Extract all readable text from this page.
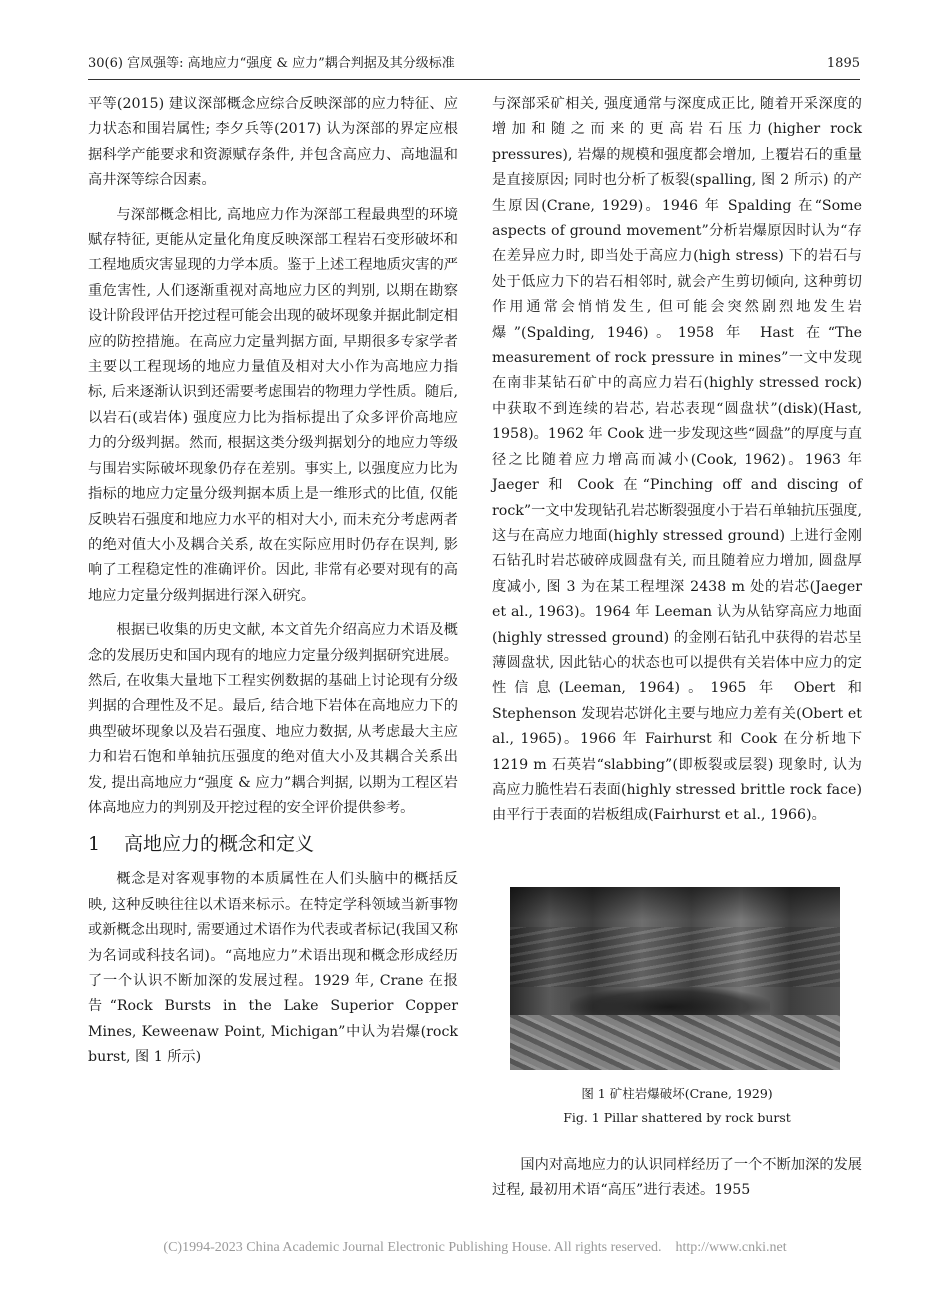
30(6) 宫凤强等: 高地应力“强度 & 应力”耦合判据及其分级标准	1895

平等(2015) 建议深部概念应综合反映深部的应力特征、应力状态和围岩属性; 李夕兵等(2017) 认为深部的界定应根据科学产能要求和资源赋存条件, 并包含高应力、高地温和高井深等综合因素。

与深部概念相比, 高地应力作为深部工程最典型的环境赋存特征, 更能从定量化角度反映深部工程岩石变形破坏和工程地质灾害显现的力学本质。鉴于上述工程地质灾害的严重危害性, 人们逐渐重视对高地应力区的判别, 以期在勘察设计阶段评估开挖过程可能会出现的破坏现象并据此制定相应的防控措施。在高应力定量判据方面, 早期很多专家学者主要以工程现场的地应力量值及相对大小作为高地应力指标, 后来逐渐认识到还需要考虑围岩的物理力学性质。随后, 以岩石(或岩体) 强度应力比为指标提出了众多评价高地应力的分级判据。然而, 根据这类分级判据划分的地应力等级与围岩实际破坏现象仍存在差别。事实上, 以强度应力比为指标的地应力定量分级判据本质上是一维形式的比值, 仅能反映岩石强度和地应力水平的相对大小, 而未充分考虑两者的绝对值大小及耦合关系, 故在实际应用时仍存在误判, 影响了工程稳定性的准确评价。因此, 非常有必要对现有的高地应力定量分级判据进行深入研究。

根据已收集的历史文献, 本文首先介绍高应力术语及概念的发展历史和国内现有的地应力定量分级判据研究进展。然后, 在收集大量地下工程实例数据的基础上讨论现有分级判据的合理性及不足。最后, 结合地下岩体在高地应力下的典型破坏现象以及岩石强度、地应力数据, 从考虑最大主应力和岩石饱和单轴抗压强度的绝对值大小及其耦合关系出发, 提出高地应力“强度 & 应力”耦合判据, 以期为工程区岩体高地应力的判别及开挖过程的安全评价提供参考。

1 高地应力的概念和定义

概念是对客观事物的本质属性在人们头脑中的概括反映, 这种反映往往以术语来标示。在特定学科领域当新事物或新概念出现时, 需要通过术语作为代表或者标记(我国又称为名词或科技名词)。“高地应力”术语出现和概念形成经历了一个认识不断加深的发展过程。1929 年, Crane 在报告“Rock Bursts in the Lake Superior Copper Mines, Keweenaw Point, Michigan”中认为岩爆(rock burst, 图 1 所示)

与深部采矿相关, 强度通常与深度成正比, 随着开采深度的增加和随之而来的更高岩石压力(higher rock pressures), 岩爆的规模和强度都会增加, 上覆岩石的重量是直接原因; 同时也分析了板裂(spalling, 图 2 所示) 的产生原因(Crane, 1929)。1946 年 Spalding 在“Some aspects of ground movement”分析岩爆原因时认为“存在差异应力时, 即当处于高应力(high stress) 下的岩石与处于低应力下的岩石相邻时, 就会产生剪切倾向, 这种剪切作用通常会悄悄发生, 但可能会突然剧烈地发生岩爆”(Spalding, 1946)。1958 年 Hast 在“The measurement of rock pressure in mines”一文中发现在南非某钻石矿中的高应力岩石(highly stressed rock) 中获取不到连续的岩芯, 岩芯表现“圆盘状”(disk)(Hast, 1958)。1962 年 Cook 进一步发现这些“圆盘”的厚度与直径之比随着应力增高而减小(Cook, 1962)。1963 年 Jaeger 和 Cook 在“Pinching off and discing of rock”一文中发现钻孔岩芯断裂强度小于岩石单轴抗压强度, 这与在高应力地面(highly stressed ground) 上进行金刚石钻孔时岩芯破碎成圆盘有关, 而且随着应力增加, 圆盘厚度减小, 图 3 为在某工程埋深 2438 m 处的岩芯(Jaeger et al., 1963)。1964 年 Leeman 认为从钻穿高应力地面(highly stressed ground) 的金刚石钻孔中获得的岩芯呈薄圆盘状, 因此钻心的状态也可以提供有关岩体中应力的定性信息(Leeman, 1964)。1965 年 Obert 和 Stephenson 发现岩芯饼化主要与地应力差有关(Obert et al., 1965)。1966 年 Fairhurst 和 Cook 在分析地下 1219 m 石英岩“slabbing”(即板裂或层裂) 现象时, 认为高应力脆性岩石表面(highly stressed brittle rock face) 由平行于表面的岩板组成(Fairhurst et al., 1966)。

图 1 矿柱岩爆破坏(Crane, 1929)
Fig. 1 Pillar shattered by rock burst

国内对高地应力的认识同样经历了一个不断加深的发展过程, 最初用术语“高压”进行表述。1955

(C)1994-2023 China Academic Journal Electronic Publishing House. All rights reserved. http://www.cnki.net
